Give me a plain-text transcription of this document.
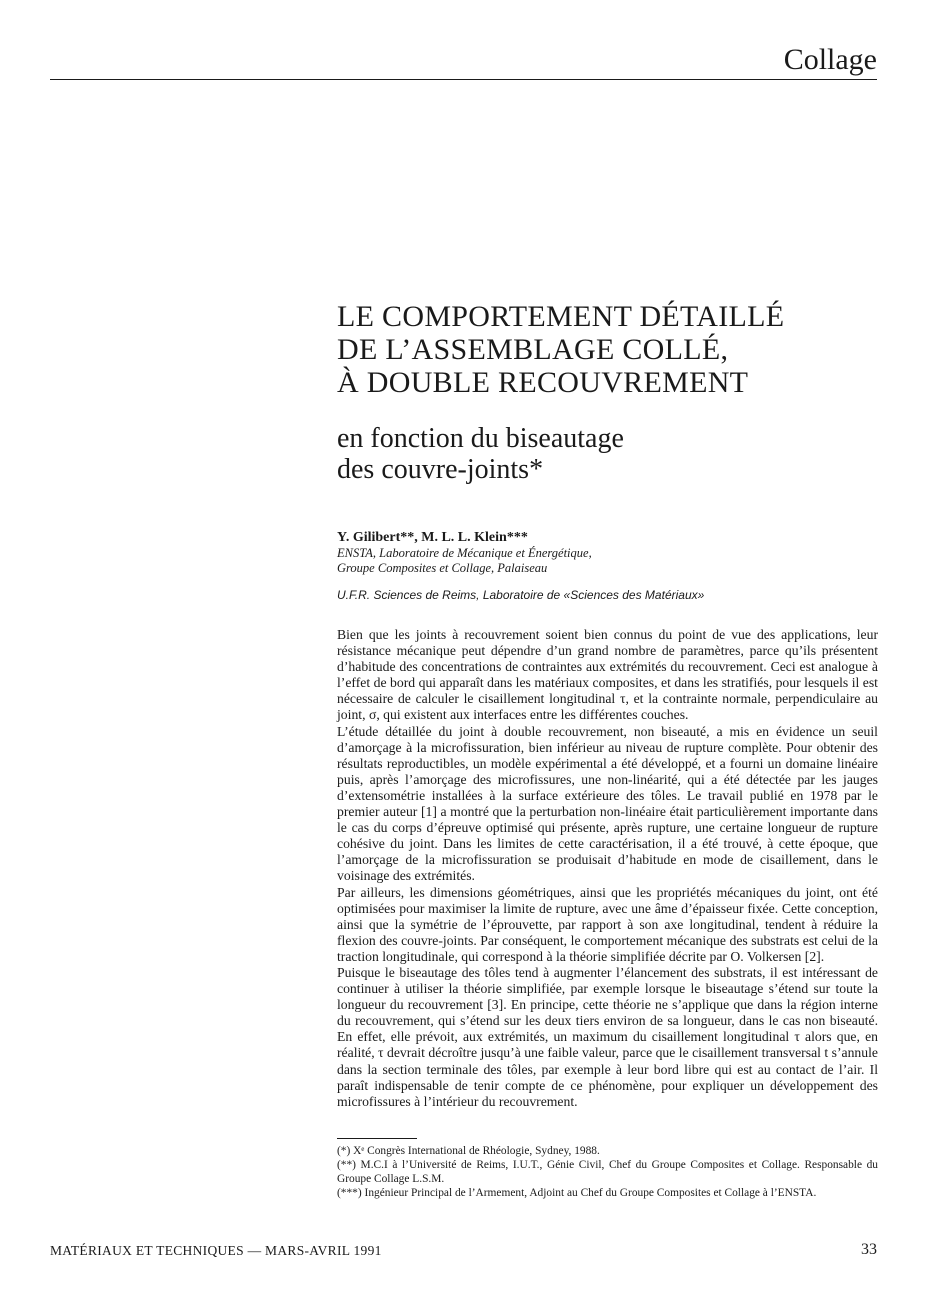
Collage
LE COMPORTEMENT DÉTAILLÉ
DE L’ASSEMBLAGE COLLÉ,
À DOUBLE RECOUVREMENT
en fonction du biseautage
des couvre-joints*
Y. Gilibert**, M. L. L. Klein***
ENSTA, Laboratoire de Mécanique et Énergétique,
Groupe Composites et Collage, Palaiseau
U.F.R. Sciences de Reims, Laboratoire de «Sciences des Matériaux»

Bien que les joints à recouvrement soient bien connus du point de vue des applications, leur résistance mécanique peut dépendre d’un grand nombre de paramètres, parce qu’ils présentent d’habitude des concentrations de contraintes aux extrémités du recouvrement. Ceci est analogue à l’effet de bord qui apparaît dans les matériaux composites, et dans les stratifiés, pour lesquels il est nécessaire de calculer le cisaillement longitudinal τ, et la contrainte normale, perpendiculaire au joint, σ, qui existent aux interfaces entre les différentes couches.

L’étude détaillée du joint à double recouvrement, non biseauté, a mis en évidence un seuil d’amorçage à la microfissuration, bien inférieur au niveau de rupture complète. Pour obtenir des résultats reproductibles, un modèle expérimental a été développé, et a fourni un domaine linéaire puis, après l’amorçage des microfissures, une non-linéarité, qui a été détectée par les jauges d’extensométrie installées à la surface extérieure des tôles. Le travail publié en 1978 par le premier auteur [1] a montré que la perturbation non-linéaire était particulièrement importante dans le cas du corps d’épreuve optimisé qui présente, après rupture, une certaine longueur de rupture cohésive du joint. Dans les limites de cette caractérisation, il a été trouvé, à cette époque, que l’amorçage de la microfissuration se produisait d’habitude en mode de cisaillement, dans le voisinage des extrémités.

Par ailleurs, les dimensions géométriques, ainsi que les propriétés mécaniques du joint, ont été optimisées pour maximiser la limite de rupture, avec une âme d’épaisseur fixée. Cette conception, ainsi que la symétrie de l’éprouvette, par rapport à son axe longitudinal, tendent à réduire la flexion des couvre-joints. Par conséquent, le comportement mécanique des substrats est celui de la traction longitudinale, qui correspond à la théorie simplifiée décrite par O. Volkersen [2].

Puisque le biseautage des tôles tend à augmenter l’élancement des substrats, il est intéressant de continuer à utiliser la théorie simplifiée, par exemple lorsque le biseautage s’étend sur toute la longueur du recouvrement [3]. En principe, cette théorie ne s’applique que dans la région interne du recouvrement, qui s’étend sur les deux tiers environ de sa longueur, dans le cas non biseauté. En effet, elle prévoit, aux extrémités, un maximum du cisaillement longitudinal τ alors que, en réalité, τ devrait décroître jusqu’à une faible valeur, parce que le cisaillement transversal t s’annule dans la section terminale des tôles, par exemple à leur bord libre qui est au contact de l’air. Il paraît indispensable de tenir compte de ce phénomène, pour expliquer un développement des microfissures à l’intérieur du recouvrement.

(*) Xᵉ Congrès International de Rhéologie, Sydney, 1988.

(**) M.C.I à l’Université de Reims, I.U.T., Génie Civil, Chef du Groupe Composites et Collage. Responsable du Groupe Collage L.S.M.

(***) Ingénieur Principal de l’Armement, Adjoint au Chef du Groupe Composites et Collage à l’ENSTA.

MATÉRIAUX ET TECHNIQUES — MARS-AVRIL 1991	33
